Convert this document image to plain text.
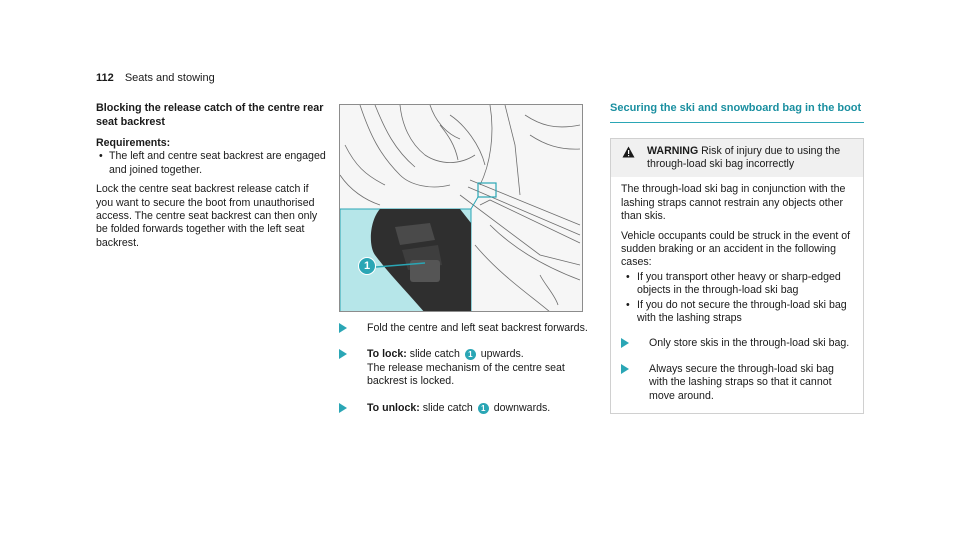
112 Seats and stowing
Blocking the release catch of the centre rear seat backrest
Requirements:
• The left and centre seat backrest are engaged and joined together.
Lock the centre seat backrest release catch if you want to secure the boot from unauthorised access. The centre seat backrest can then only be folded forwards together with the left seat backrest.
1
Fold the centre and left seat backrest forwards.
To lock: slide catch 1 upwards.
The release mechanism of the centre seat backrest is locked.
To unlock: slide catch 1 downwards.
Securing the ski and snowboard bag in the boot
WARNING Risk of injury due to using the through-load ski bag incorrectly
The through-load ski bag in conjunction with the lashing straps cannot restrain any objects other than skis.
Vehicle occupants could be struck in the event of sudden braking or an accident in the following cases:
• If you transport other heavy or sharp-edged objects in the through-load ski bag
• If you do not secure the through-load ski bag with the lashing straps
Only store skis in the through-load ski bag.
Always secure the through-load ski bag with the lashing straps so that it cannot move around.
